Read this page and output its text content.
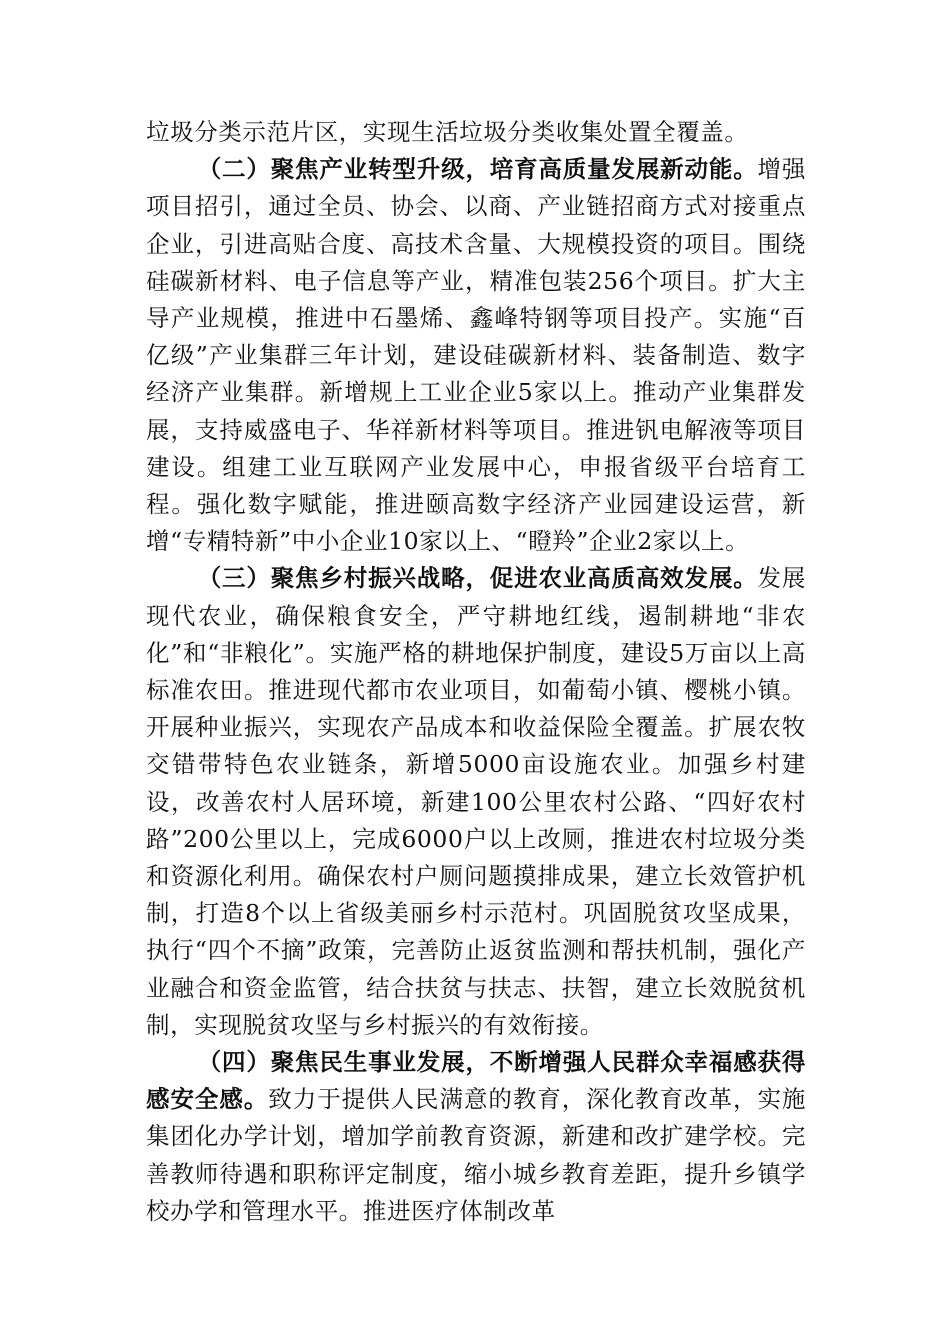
垃圾分类示范片区，实现生活垃圾分类收集处置全覆盖。

（二）聚焦产业转型升级，培育高质量发展新动能。增强项目招引，通过全员、协会、以商、产业链招商方式对接重点企业，引进高贴合度、高技术含量、大规模投资的项目。围绕硅碳新材料、电子信息等产业，精准包装256个项目。扩大主导产业规模，推进中石墨烯、鑫峰特钢等项目投产。实施“百亿级”产业集群三年计划，建设硅碳新材料、装备制造、数字经济产业集群。新增规上工业企业5家以上。推动产业集群发展，支持威盛电子、华祥新材料等项目。推进钒电解液等项目建设。组建工业互联网产业发展中心，申报省级平台培育工程。强化数字赋能，推进颐高数字经济产业园建设运营，新增“专精特新”中小企业10家以上、“瞪羚”企业2家以上。

（三）聚焦乡村振兴战略，促进农业高质高效发展。发展现代农业，确保粮食安全，严守耕地红线，遏制耕地“非农化”和“非粮化”。实施严格的耕地保护制度，建设5万亩以上高标准农田。推进现代都市农业项目，如葡萄小镇、樱桃小镇。开展种业振兴，实现农产品成本和收益保险全覆盖。扩展农牧交错带特色农业链条，新增5000亩设施农业。加强乡村建设，改善农村人居环境，新建100公里农村公路、“四好农村路”200公里以上，完成6000户以上改厕，推进农村垃圾分类和资源化利用。确保农村户厕问题摸排成果，建立长效管护机制，打造8个以上省级美丽乡村示范村。巩固脱贫攻坚成果，执行“四个不摘”政策，完善防止返贫监测和帮扶机制，强化产业融合和资金监管，结合扶贫与扶志、扶智，建立长效脱贫机制，实现脱贫攻坚与乡村振兴的有效衔接。

（四）聚焦民生事业发展，不断增强人民群众幸福感获得感安全感。致力于提供人民满意的教育，深化教育改革，实施集团化办学计划，增加学前教育资源，新建和改扩建学校。完善教师待遇和职称评定制度，缩小城乡教育差距，提升乡镇学校办学和管理水平。推进医疗体制改革
